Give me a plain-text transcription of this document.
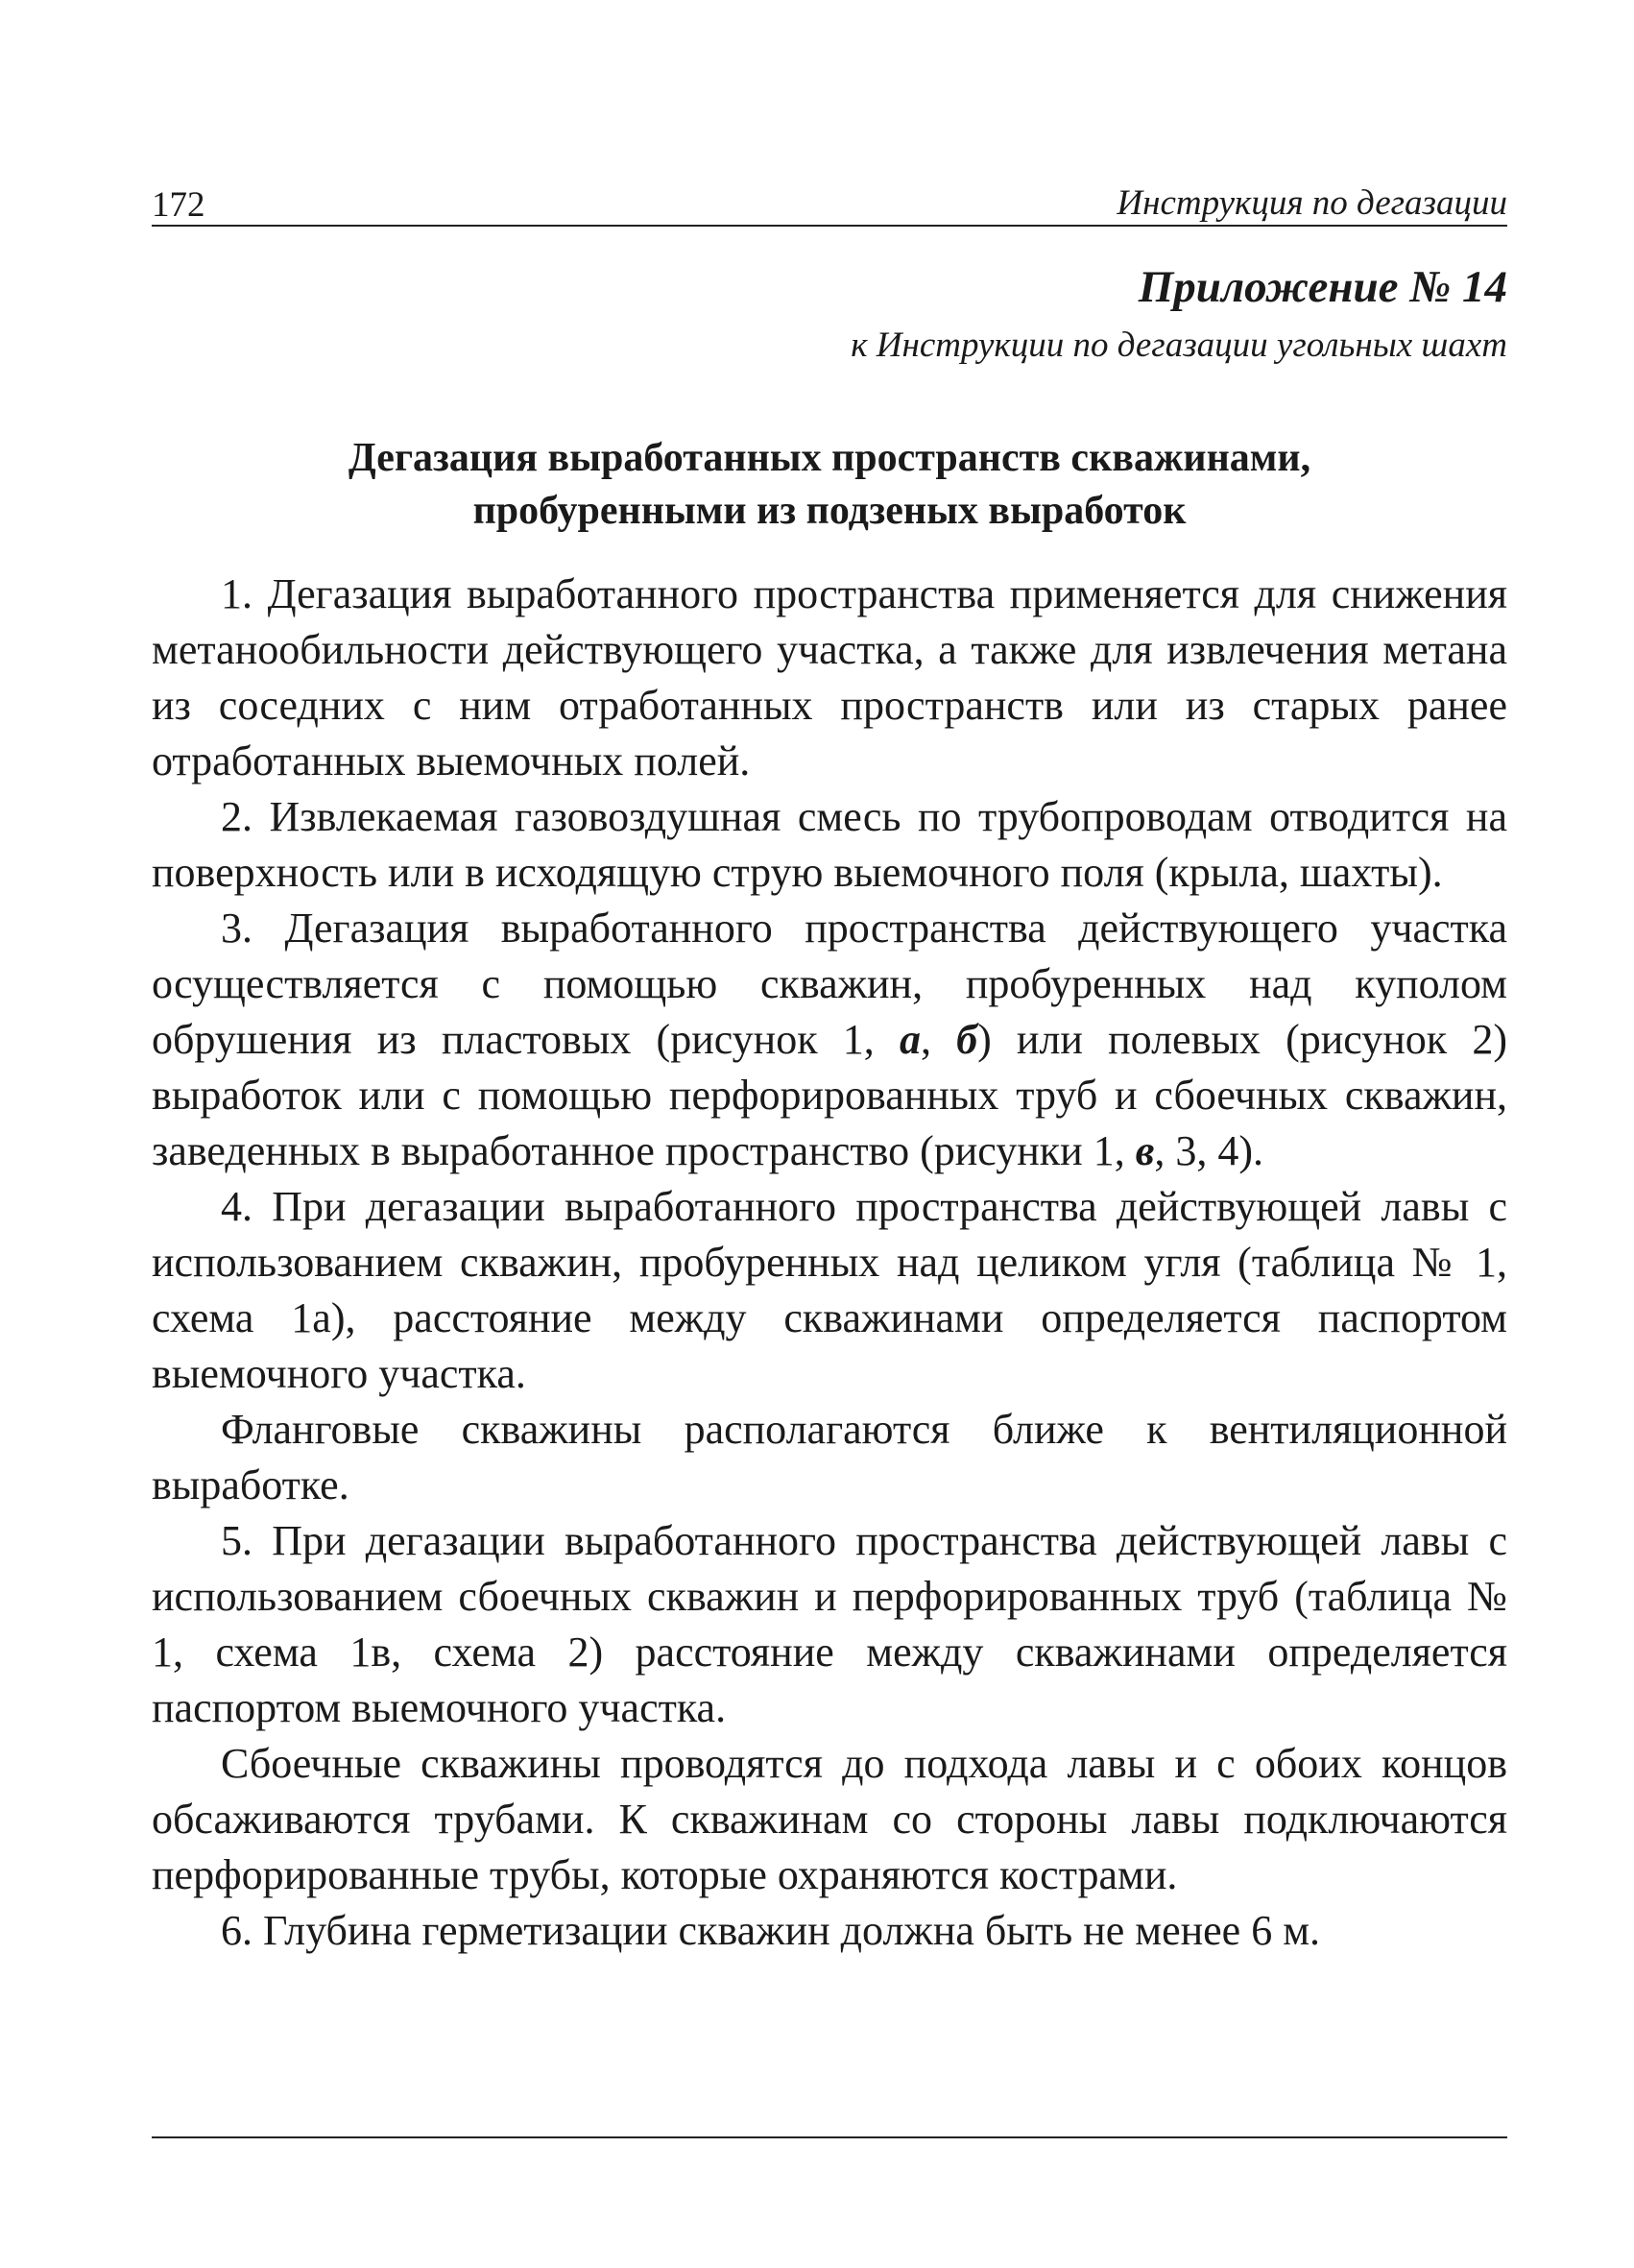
172	Инструкция по дегазации
Приложение № 14
к Инструкции по дегазации угольных шахт
Дегазация выработанных пространств скважинами,
пробуренными из подзеных выработок

1. Дегазация выработанного пространства применяется для снижения метанообильности действующего участка, а также для извлечения метана из соседних с ним отработанных пространств или из старых ранее отработанных выемочных полей.

2. Извлекаемая газовоздушная смесь по трубопроводам отводится на поверхность или в исходящую струю выемочного поля (крыла, шахты).

3. Дегазация выработанного пространства действующего участка осуществляется с помощью скважин, пробуренных над куполом обрушения из пластовых (рисунок 1, а, б) или полевых (рисунок 2) выработок или с помощью перфорированных труб и сбоечных скважин, заведенных в выработанное пространство (рисунки 1, в, 3, 4).

4. При дегазации выработанного пространства действующей лавы с использованием скважин, пробуренных над целиком угля (таблица № 1, схема 1а), расстояние между скважинами определяется паспортом выемочного участка.

Фланговые скважины располагаются ближе к вентиляционной выработке.

5. При дегазации выработанного пространства действующей лавы с использованием сбоечных скважин и перфорированных труб (таблица № 1, схема 1в, схема 2) расстояние между скважинами определяется паспортом выемочного участка.

Сбоечные скважины проводятся до подхода лавы и с обоих концов обсаживаются трубами. К скважинам со стороны лавы подключаются перфорированные трубы, которые охраняются кострами.

6. Глубина герметизации скважин должна быть не менее 6 м.
